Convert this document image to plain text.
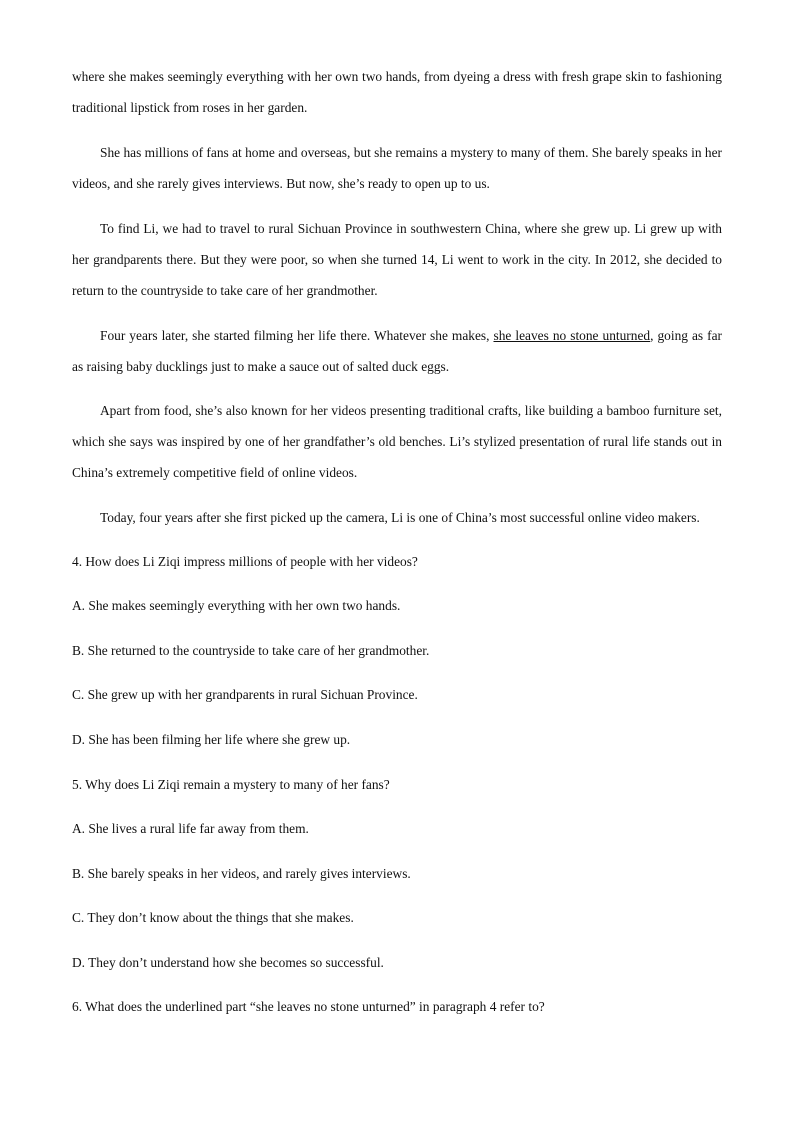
where she makes seemingly everything with her own two hands, from dyeing a dress with fresh grape skin to fashioning traditional lipstick from roses in her garden.

She has millions of fans at home and overseas, but she remains a mystery to many of them. She barely speaks in her videos, and she rarely gives interviews. But now, she’s ready to open up to us.

To find Li, we had to travel to rural Sichuan Province in southwestern China, where she grew up. Li grew up with her grandparents there. But they were poor, so when she turned 14, Li went to work in the city. In 2012, she decided to return to the countryside to take care of her grandmother.

Four years later, she started filming her life there. Whatever she makes, she leaves no stone unturned, going as far as raising baby ducklings just to make a sauce out of salted duck eggs.

Apart from food, she’s also known for her videos presenting traditional crafts, like building a bamboo furniture set, which she says was inspired by one of her grandfather’s old benches. Li’s stylized presentation of rural life stands out in China’s extremely competitive field of online videos.

Today, four years after she first picked up the camera, Li is one of China’s most successful online video makers.

4. How does Li Ziqi impress millions of people with her videos?

A. She makes seemingly everything with her own two hands.

B. She returned to the countryside to take care of her grandmother.

C. She grew up with her grandparents in rural Sichuan Province.

D. She has been filming her life where she grew up.

5. Why does Li Ziqi remain a mystery to many of her fans?

A. She lives a rural life far away from them.

B. She barely speaks in her videos, and rarely gives interviews.

C. They don’t know about the things that she makes.

D. They don’t understand how she becomes so successful.

6. What does the underlined part “she leaves no stone unturned” in paragraph 4 refer to?
